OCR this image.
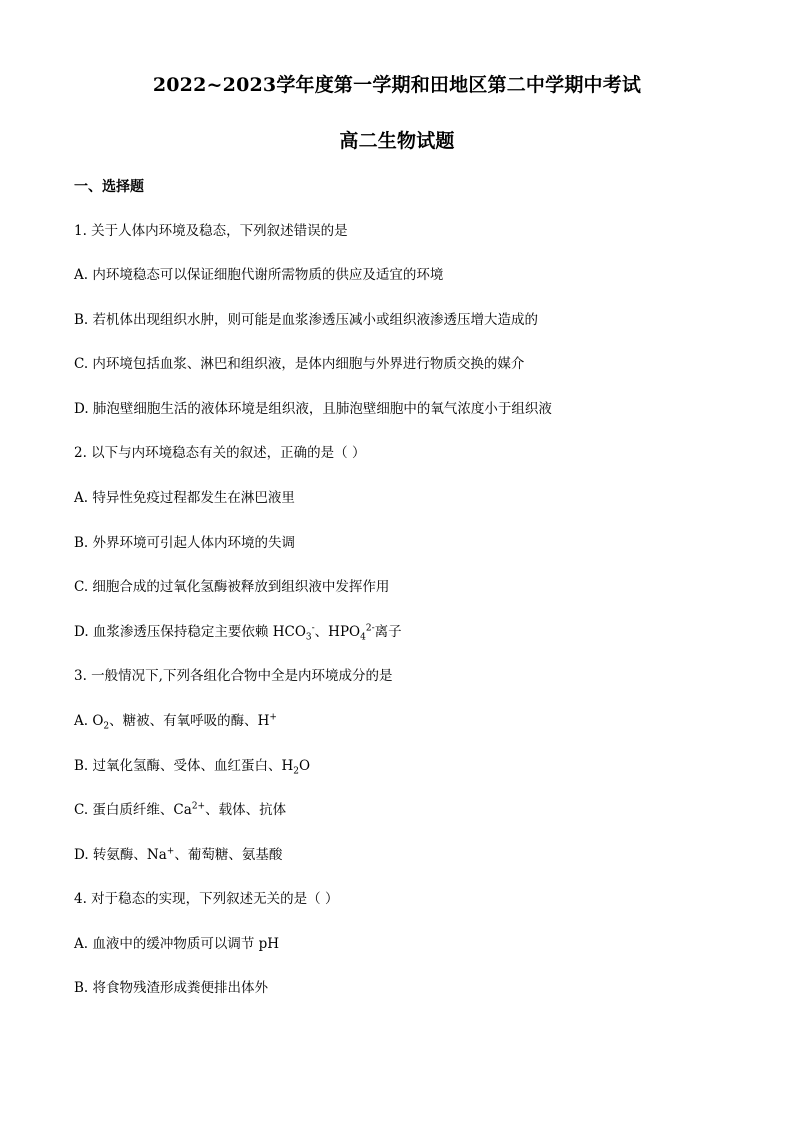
2022~2023学年度第一学期和田地区第二中学期中考试
高二生物试题
一、选择题
1. 关于人体内环境及稳态，下列叙述错误的是
A. 内环境稳态可以保证细胞代谢所需物质的供应及适宜的环境
B. 若机体出现组织水肿，则可能是血浆渗透压减小或组织液渗透压增大造成的
C. 内环境包括血浆、淋巴和组织液，是体内细胞与外界进行物质交换的媒介
D. 肺泡壁细胞生活的液体环境是组织液，且肺泡壁细胞中的氧气浓度小于组织液
2. 以下与内环境稳态有关的叙述，正确的是（ ）
A. 特异性免疫过程都发生在淋巴液里
B. 外界环境可引起人体内环境的失调
C. 细胞合成的过氧化氢酶被释放到组织液中发挥作用
D. 血浆渗透压保持稳定主要依赖 $HCO_3^-$、$HPO_4^{2-}$离子
3. 一般情况下,下列各组化合物中全是内环境成分的是
A. $O_2$、糖被、有氧呼吸的酶、H+
B. 过氧化氢酶、受体、血红蛋白、$H_2O$
C. 蛋白质纤维、$Ca^{2+}$、载体、抗体
D. 转氨酶、Na+、葡萄糖、氨基酸
4. 对于稳态的实现，下列叙述无关的是（ ）
A. 血液中的缓冲物质可以调节 pH
B. 将食物残渣形成粪便排出体外
